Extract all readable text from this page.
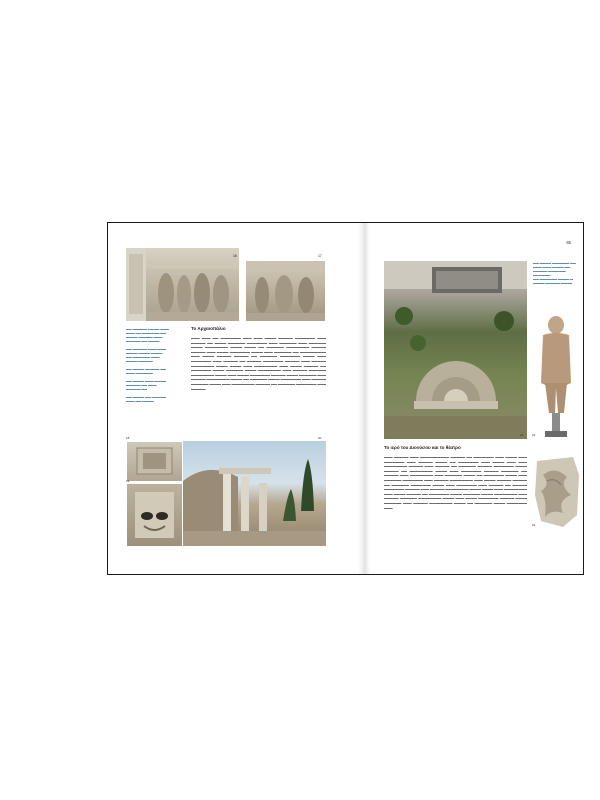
16	17
▬▬ ▬▬▬▬▬ ▬▬▬▬ ▬▬▬
▬▬▬ ▬▬ ▬▬▬▬▬▬ ▬▬
▬▬▬▬ ▬▬▬▬▬ ▬▬▬
▬▬▬▬▬ ▬▬ ▬▬▬▬

▬▬ ▬▬▬▬▬ ▬▬▬ ▬▬▬
▬▬▬▬ ▬▬▬▬ ▬▬▬▬
▬▬ ▬▬▬▬▬▬ ▬▬▬
▬▬▬▬ ▬▬▬▬▬

▬▬ ▬▬▬▬ ▬▬▬▬▬ ▬▬
▬▬▬ ▬▬▬▬▬▬

▬▬ ▬▬▬▬ ▬▬▬ ▬▬▬▬
▬▬▬▬▬ ▬▬ ▬▬▬
▬▬▬▬▬ ▬▬

▬▬ ▬▬▬▬ ▬▬ ▬▬▬▬▬
▬▬▬ ▬▬ ▬▬▬▬
Το Αρχαιοπάλιο
▬▬▬ ▬▬▬ ▬▬ ▬▬▬▬▬▬▬ ▬▬▬ ▬▬▬ ▬▬▬▬ ▬▬▬▬▬ ▬▬▬▬▬▬▬ ▬▬▬ ▬▬▬▬▬ ▬▬ ▬▬▬▬ ▬▬▬▬▬▬ ▬▬▬▬▬▬▬ ▬▬▬ ▬▬▬▬▬▬ ▬▬▬ ▬▬▬▬▬▬ ▬▬▬▬ ▬▬▬▬▬▬▬▬ ▬▬▬▬ ▬▬▬▬ ▬▬ ▬▬▬▬▬▬ ▬▬▬▬▬▬▬▬ ▬▬▬▬▬ ▬▬▬▬▬ ▬▬▬ ▬▬▬▬ ▬▬▬▬▬▬▬ ▬▬▬▬ ▬▬▬ ▬▬▬▬▬▬ ▬▬ ▬▬▬▬▬▬▬▬▬ ▬▬▬ ▬▬▬▬ ▬▬▬▬▬ ▬▬▬▬▬ ▬▬ ▬▬▬▬▬▬ ▬▬▬▬▬▬▬ ▬▬▬▬ ▬▬▬ ▬▬▬▬▬▬▬ ▬▬▬ ▬▬▬▬▬ ▬▬ ▬▬▬▬▬ ▬▬▬▬▬▬▬ ▬▬▬▬▬ ▬▬▬ ▬▬▬▬▬ ▬▬▬▬▬▬▬▬ ▬▬▬▬ ▬▬▬▬ ▬▬▬ ▬▬▬▬▬▬▬▬ ▬▬▬ ▬▬▬▬ ▬▬▬▬▬ ▬▬ ▬▬▬▬▬▬▬ ▬▬▬▬ ▬▬▬▬▬▬ ▬▬▬▬ ▬▬▬▬▬▬▬▬ ▬▬▬ ▬▬▬▬▬ ▬▬▬▬▬▬ ▬▬▬▬▬▬▬▬ ▬▬▬▬ ▬▬▬ ▬▬▬▬ ▬▬▬▬▬▬▬ ▬▬▬▬▬ ▬▬▬▬ ▬▬▬▬▬▬ ▬▬▬ ▬▬▬▬▬ ▬▬▬▬▬▬▬▬ ▬▬▬▬ ▬▬ ▬▬▬▬▬▬ ▬▬▬▬ ▬▬▬▬▬▬▬ ▬▬▬ ▬▬▬▬▬ ▬▬▬▬▬▬ ▬▬▬▬ ▬▬▬ ▬▬▬▬▬▬▬▬ ▬▬▬▬▬ ▬▬ ▬▬▬▬▬▬ ▬▬▬▬▬▬▬ ▬▬▬ ▬▬▬▬▬
18
19
20
65
21
▬▬ ▬▬▬▬ ▬▬▬▬▬▬ ▬▬
▬▬▬ ▬▬▬ ▬▬▬▬ ▬▬
▬▬▬▬▬ ▬▬▬▬▬▬
▬▬▬▬▬▬
▬▬ ▬▬▬▬▬▬ ▬▬▬▬ ▬
▬▬▬▬ ▬▬▬▬▬ ▬▬▬▬
22
Το ιερό του Διονύσου και το θέατρο
▬▬▬ ▬▬▬▬▬ ▬▬▬ ▬▬▬▬▬▬▬▬▬▬ ▬▬▬▬▬ ▬▬ ▬▬▬▬▬▬▬ ▬▬▬ ▬▬▬▬ ▬▬▬ ▬▬▬▬▬▬▬ ▬▬▬ ▬▬▬▬▬ ▬▬▬▬ ▬▬ ▬▬▬▬▬▬▬ ▬▬▬ ▬▬▬▬ ▬▬▬ ▬▬▬ ▬▬▬▬▬▬▬▬ ▬▬▬▬▬ ▬▬▬ ▬▬▬▬▬ ▬▬ ▬▬▬▬▬▬ ▬▬▬▬▬ ▬▬▬▬▬▬▬ ▬▬▬▬ ▬▬▬▬▬ ▬▬ ▬▬▬▬▬▬▬▬ ▬▬▬▬ ▬▬▬ ▬▬▬▬▬▬▬ ▬▬▬▬▬ ▬▬▬▬▬▬ ▬▬ ▬▬▬▬▬ ▬▬▬ ▬▬▬▬▬▬▬▬ ▬▬▬ ▬▬▬▬▬▬ ▬▬▬▬ ▬▬ ▬▬▬▬▬▬▬ ▬▬▬▬ ▬▬▬ ▬▬▬▬▬▬ ▬▬▬▬▬▬▬ ▬▬▬ ▬▬▬▬▬ ▬▬▬▬▬▬▬▬ ▬▬▬ ▬▬▬▬ ▬▬▬▬▬ ▬▬▬▬▬ ▬▬ ▬▬▬▬▬▬ ▬▬▬▬▬▬▬ ▬▬▬▬ ▬▬▬ ▬▬▬▬▬▬▬ ▬▬▬ ▬▬▬▬▬ ▬▬ ▬▬▬▬▬ ▬▬▬▬▬▬▬ ▬▬▬▬▬ ▬▬▬ ▬▬▬▬▬ ▬▬▬▬▬▬▬▬ ▬▬▬▬ ▬▬▬▬ ▬▬▬ ▬▬▬▬▬▬▬▬ ▬▬▬ ▬▬▬▬ ▬▬▬▬▬ ▬▬ ▬▬▬▬▬▬▬ ▬▬▬▬ ▬▬▬▬▬▬ ▬▬▬▬ ▬▬▬▬▬▬▬▬ ▬▬▬ ▬▬▬▬▬ ▬▬▬▬▬▬ ▬▬▬▬▬▬▬▬ ▬▬▬▬ ▬▬▬ ▬▬▬▬ ▬▬▬▬▬▬▬ ▬▬▬▬▬ ▬▬▬▬ ▬▬▬▬▬▬ ▬▬▬ ▬▬▬▬▬ ▬▬▬▬▬▬▬▬ ▬▬▬▬ ▬▬ ▬▬▬▬▬▬ ▬▬▬▬ ▬▬▬▬▬▬▬ ▬▬▬
23
